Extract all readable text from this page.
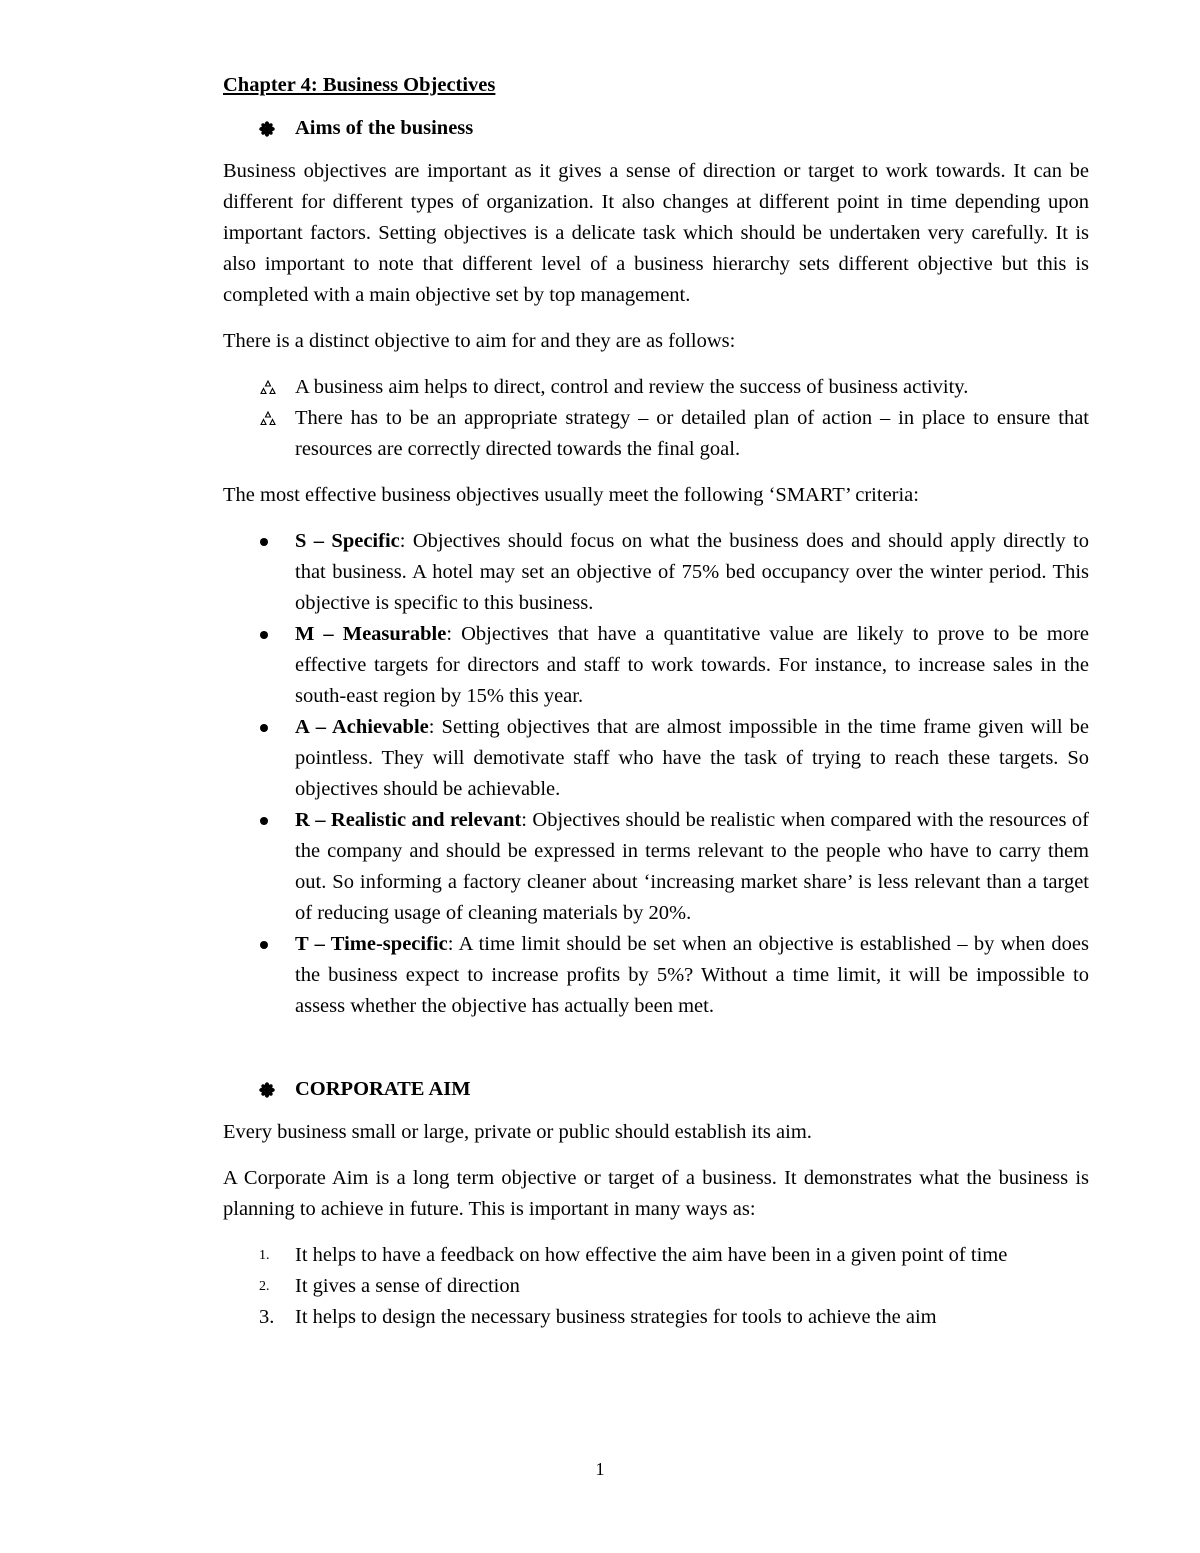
Chapter 4: Business Objectives
Aims of the business

Business objectives are important as it gives a sense of direction or target to work towards. It can be different for different types of organization. It also changes at different point in time depending upon important factors. Setting objectives is a delicate task which should be undertaken very carefully. It is also important to note that different level of a business hierarchy sets different objective but this is completed with a main objective set by top management.

There is a distinct objective to aim for and they are as follows:

A business aim helps to direct, control and review the success of business activity.
There has to be an appropriate strategy – or detailed plan of action – in place to ensure that resources are correctly directed towards the final goal.

The most effective business objectives usually meet the following ‘SMART’ criteria:

S – Specific: Objectives should focus on what the business does and should apply directly to that business. A hotel may set an objective of 75% bed occupancy over the winter period. This objective is specific to this business.
M – Measurable: Objectives that have a quantitative value are likely to prove to be more effective targets for directors and staff to work towards. For instance, to increase sales in the south-east region by 15% this year.
A – Achievable: Setting objectives that are almost impossible in the time frame given will be pointless. They will demotivate staff who have the task of trying to reach these targets. So objectives should be achievable.
R – Realistic and relevant: Objectives should be realistic when compared with the resources of the company and should be expressed in terms relevant to the people who have to carry them out. So informing a factory cleaner about ‘increasing market share’ is less relevant than a target of reducing usage of cleaning materials by 20%.
T – Time-specific: A time limit should be set when an objective is established – by when does the business expect to increase profits by 5%? Without a time limit, it will be impossible to assess whether the objective has actually been met.
CORPORATE AIM

Every business small or large, private or public should establish its aim.

A Corporate Aim is a long term objective or target of a business. It demonstrates what the business is planning to achieve in future. This is important in many ways as:

1. It helps to have a feedback on how effective the aim have been in a given point of time
2. It gives a sense of direction
3. It helps to design the necessary business strategies for tools to achieve the aim
1
